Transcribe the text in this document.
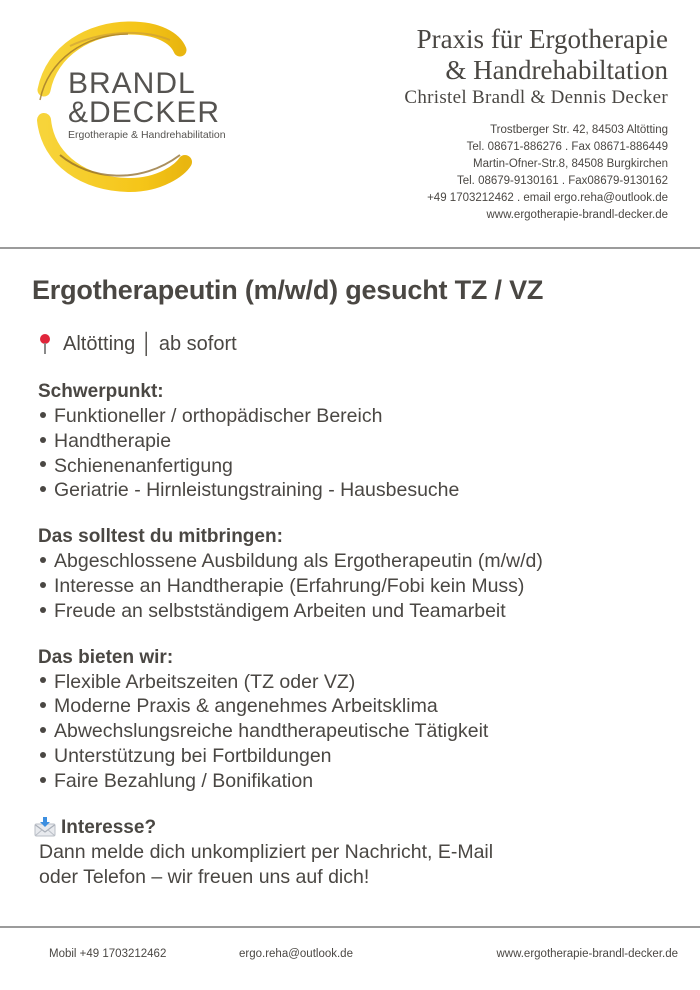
BRANDL
&DECKER
Ergotherapie & Handrehabilitation
Praxis für Ergotherapie
& Handrehabiltation
Christel Brandl & Dennis Decker
Trostberger Str. 42, 84503 Altötting
Tel. 08671-886276 . Fax 08671-886449
Martin-Ofner-Str.8, 84508 Burgkirchen
Tel. 08679-9130161 . Fax08679-9130162
+49 1703212462 . email ergo.reha@outlook.de
www.ergotherapie-brandl-decker.de
Ergotherapeutin (m/w/d) gesucht TZ / VZ
Altötting │ ab sofort
Schwerpunkt:
Funktioneller / orthopädischer Bereich
Handtherapie
Schienenanfertigung
Geriatrie - Hirnleistungstraining - Hausbesuche
Das solltest du mitbringen:
Abgeschlossene Ausbildung als Ergotherapeutin (m/w/d)
Interesse an Handtherapie (Erfahrung/Fobi kein Muss)
Freude an selbstständigem Arbeiten und Teamarbeit
Das bieten wir:
Flexible Arbeitszeiten (TZ oder VZ)
Moderne Praxis & angenehmes Arbeitsklima
Abwechslungsreiche handtherapeutische Tätigkeit
Unterstützung bei Fortbildungen
Faire Bezahlung / Bonifikation
Interesse?
Dann melde dich unkompliziert per Nachricht, E-Mail
oder Telefon – wir freuen uns auf dich!
Mobil +49 1703212462	ergo.reha@outlook.de	www.ergotherapie-brandl-decker.de
